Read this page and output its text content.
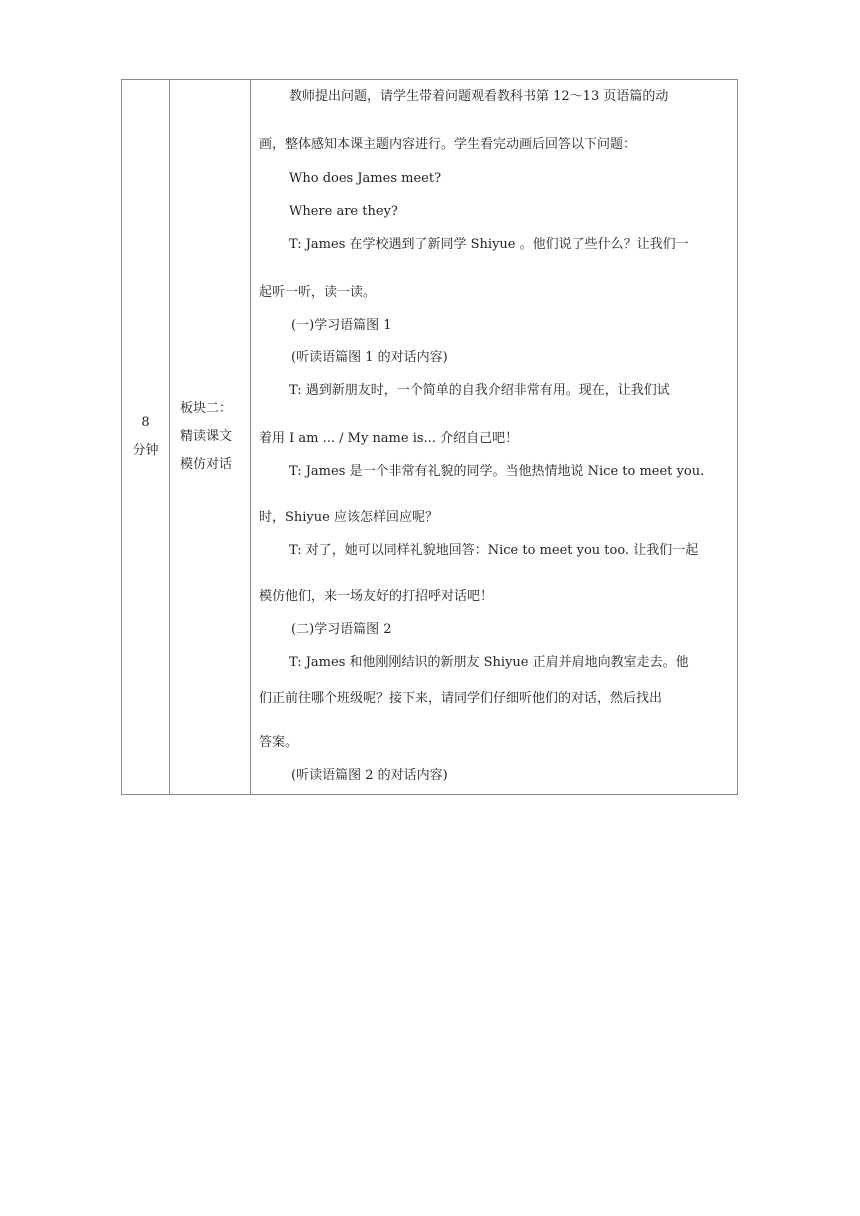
8
分钟
板块二：
精读课文
模仿对话
教师提出问题，请学生带着问题观看教科书第 12～13 页语篇的动
画，整体感知本课主题内容进行。学生看完动画后回答以下问题：
Who does James meet?
Where are they?
T: James 在学校遇到了新同学 Shiyue 。他们说了些什么？让我们一
起听一听，读一读。
(一)学习语篇图 1
(听读语篇图 1 的对话内容)
T: 遇到新朋友时，一个简单的自我介绍非常有用。现在，让我们试
着用 I am ... / My name is... 介绍自己吧！
T: James 是一个非常有礼貌的同学。当他热情地说 Nice to meet you.
时，Shiyue 应该怎样回应呢？
T: 对了，她可以同样礼貌地回答：Nice to meet you too. 让我们一起
模仿他们，来一场友好的打招呼对话吧！
(二)学习语篇图 2
T: James 和他刚刚结识的新朋友 Shiyue 正肩并肩地向教室走去。他
们正前往哪个班级呢？接下来，请同学们仔细听他们的对话，然后找出
答案。
(听读语篇图 2 的对话内容)
